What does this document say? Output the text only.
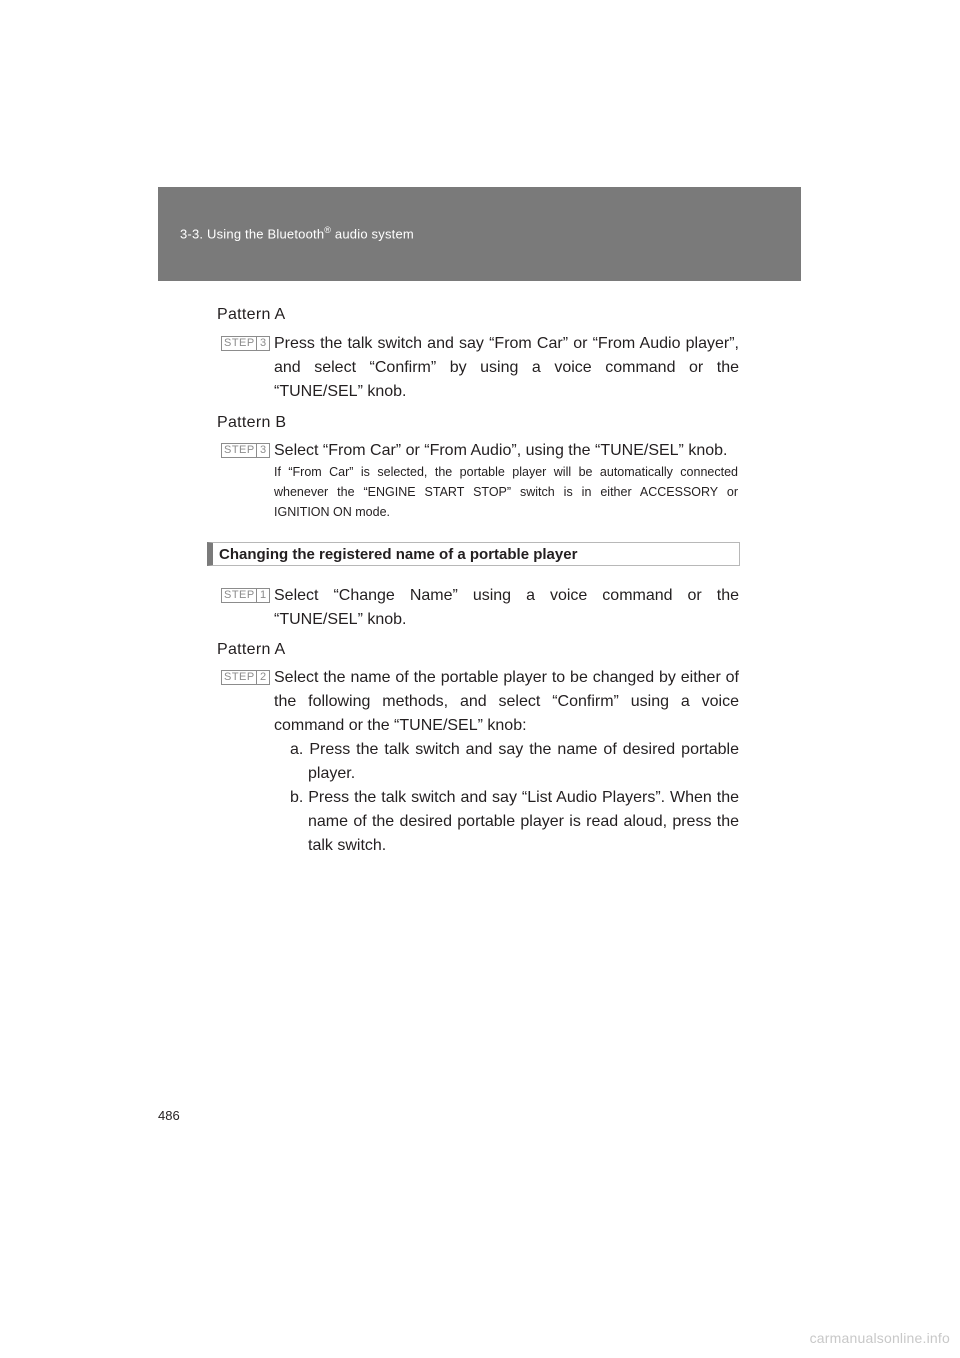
3-3. Using the Bluetooth® audio system
Pattern A
STEP 3 Press the talk switch and say “From Car” or “From Audio player”, and select “Confirm” by using a voice command or the “TUNE/SEL” knob.
Pattern B
STEP 3 Select “From Car” or “From Audio”, using the “TUNE/SEL” knob.
If “From Car” is selected, the portable player will be automatically connected whenever the “ENGINE START STOP” switch is in either ACCESSORY or IGNITION ON mode.
Changing the registered name of a portable player
STEP 1 Select “Change Name” using a voice command or the “TUNE/SEL” knob.
Pattern A
STEP 2 Select the name of the portable player to be changed by either of the following methods, and select “Confirm” using a voice command or the “TUNE/SEL” knob:
a. Press the talk switch and say the name of desired portable player.
b. Press the talk switch and say “List Audio Players”. When the name of the desired portable player is read aloud, press the talk switch.
486
carmanualsonline.info
